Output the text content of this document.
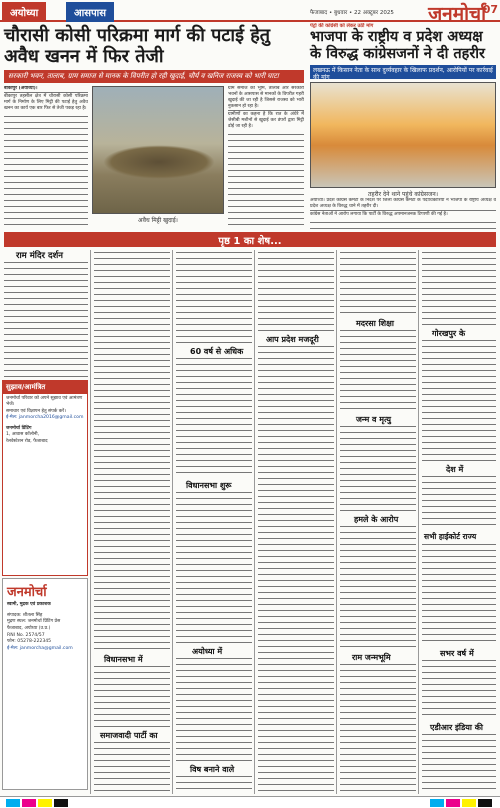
अयोध्या	आसपास	फैजाबाद • बुधवार • 22 अक्टूबर 2025 जनमोर्चा
07
चौरासी कोसी परिक्रमा मार्ग की पटाई हेतु अवैध खनन में फिर तेजी
सरकारी भवन, तालाब, ग्राम समाज से मानक के विपरीत हो रही खुदाई, चौर्य व खनिज राजस्व को भारी घाटा

बीकापुर (अयोध्या)।

बीकापुर तहसील क्षेत्र में चौरासी कोसी परिक्रमा मार्ग के निर्माण के लिए मिट्टी की पटाई हेतु अवैध खनन का कार्य एक बार फिर से तेजी पकड़ रहा है।

अवैध मिट्टी खुदाई।

ग्राम समाज की भूमि, तालाब और सरकारी भवनों के आसपास से मानकों के विपरीत गहरी खुदाई की जा रही है जिससे राजस्व को भारी नुकसान हो रहा है।

ग्रामीणों का कहना है कि रात के अंधेरे में जेसीबी मशीनों से खुदाई कर डंपरों द्वारा मिट्टी ढोई जा रही है।

पेट्रो की कांग्रेसी को लेकर उठी मांग
भाजपा के राष्ट्रीय व प्रदेश अध्यक्ष के विरुद्ध कांग्रेसजनों ने दी तहरीर
लखनऊ में किसान नेता के साथ दुर्व्यवहार के खिलाफ प्रदर्शन, आरोपियों पर कार्रवाई की मांग
तहरीर देने थाने पहुंचे कांग्रेसजन।

अयोध्या। प्रदेश कांग्रेस कमेटी के निर्देश पर जिला कांग्रेस कमेटी के पदाधिकारियों ने भाजपा के राष्ट्रीय अध्यक्ष व प्रदेश अध्यक्ष के विरुद्ध थाने में तहरीर दी।

कांग्रेस नेताओं ने आरोप लगाया कि पार्टी के विरुद्ध अपमानजनक टिप्पणी की गई है।

पृष्ठ 1 का शेष...
राम मंदिर दर्शन
सुझाव/आमंत्रित
जनमोर्चा परिवार को अपने सुझाव एवं आमंत्रण भेजें।
समाचार एवं विज्ञापन हेतु संपर्क करें।
ई-मेल: janmorcha2016@gmail.com
जनमोर्चा प्रिंटिंग
1, आवास कॉलोनी,
रेलवेस्टेशन रोड, फैजाबाद
जनमोर्चा
स्वामी, मुद्रक एवं प्रकाशक
संपादक: शीतला सिंह
मुद्रण स्थल: जनमोर्चा प्रिंटिंग प्रेस
फैजाबाद, अयोध्या (उ.प्र.)
RNI No. 2574/57
फोन: 05278-222345
ई-मेल: janmorcha@gmail.com
विधानसभा में
समाजवादी पार्टी का
60 वर्ष से अधिक
विधानसभा शुरू
अयोध्या में
विष बनाने वाले
आप प्रदेश मजदूरी
मदरसा शिक्षा
जन्म व मृत्यु
हमले के आरोप
राम जन्मभूमि
गोरखपुर के
देश में
सभी हाईकोर्ट राज्य
सभर वर्ष में
एडीआर इंडिया की
